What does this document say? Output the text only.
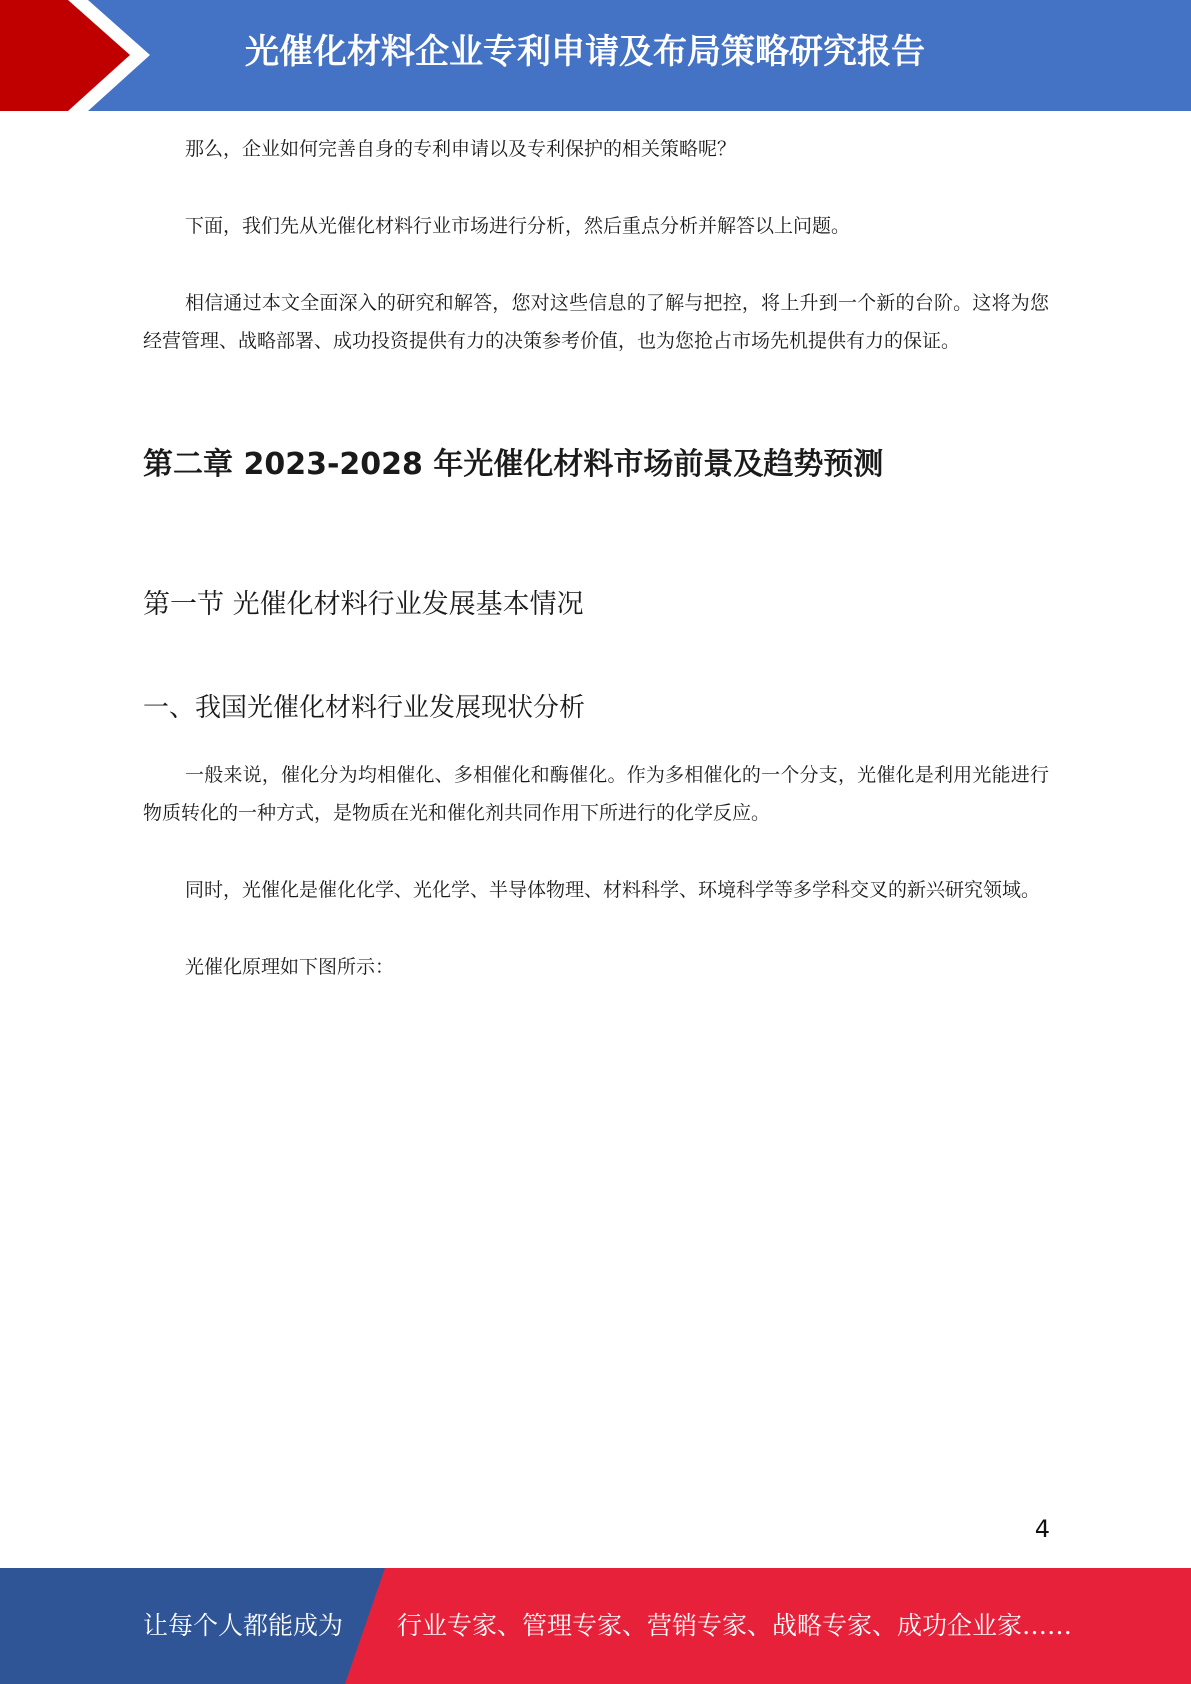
光催化材料企业专利申请及布局策略研究报告

那么，企业如何完善自身的专利申请以及专利保护的相关策略呢？

下面，我们先从光催化材料行业市场进行分析，然后重点分析并解答以上问题。

相信通过本文全面深入的研究和解答，您对这些信息的了解与把控，将上升到一个新的台阶。这将为您经营管理、战略部署、成功投资提供有力的决策参考价值，也为您抢占市场先机提供有力的保证。

第二章 2023-2028 年光催化材料市场前景及趋势预测
第一节 光催化材料行业发展基本情况
一、我国光催化材料行业发展现状分析

一般来说，催化分为均相催化、多相催化和酶催化。作为多相催化的一个分支，光催化是利用光能进行物质转化的一种方式，是物质在光和催化剂共同作用下所进行的化学反应。

同时，光催化是催化化学、光化学、半导体物理、材料科学、环境科学等多学科交叉的新兴研究领域。

光催化原理如下图所示：

4
让每个人都能成为 行业专家、管理专家、营销专家、战略专家、成功企业家……
